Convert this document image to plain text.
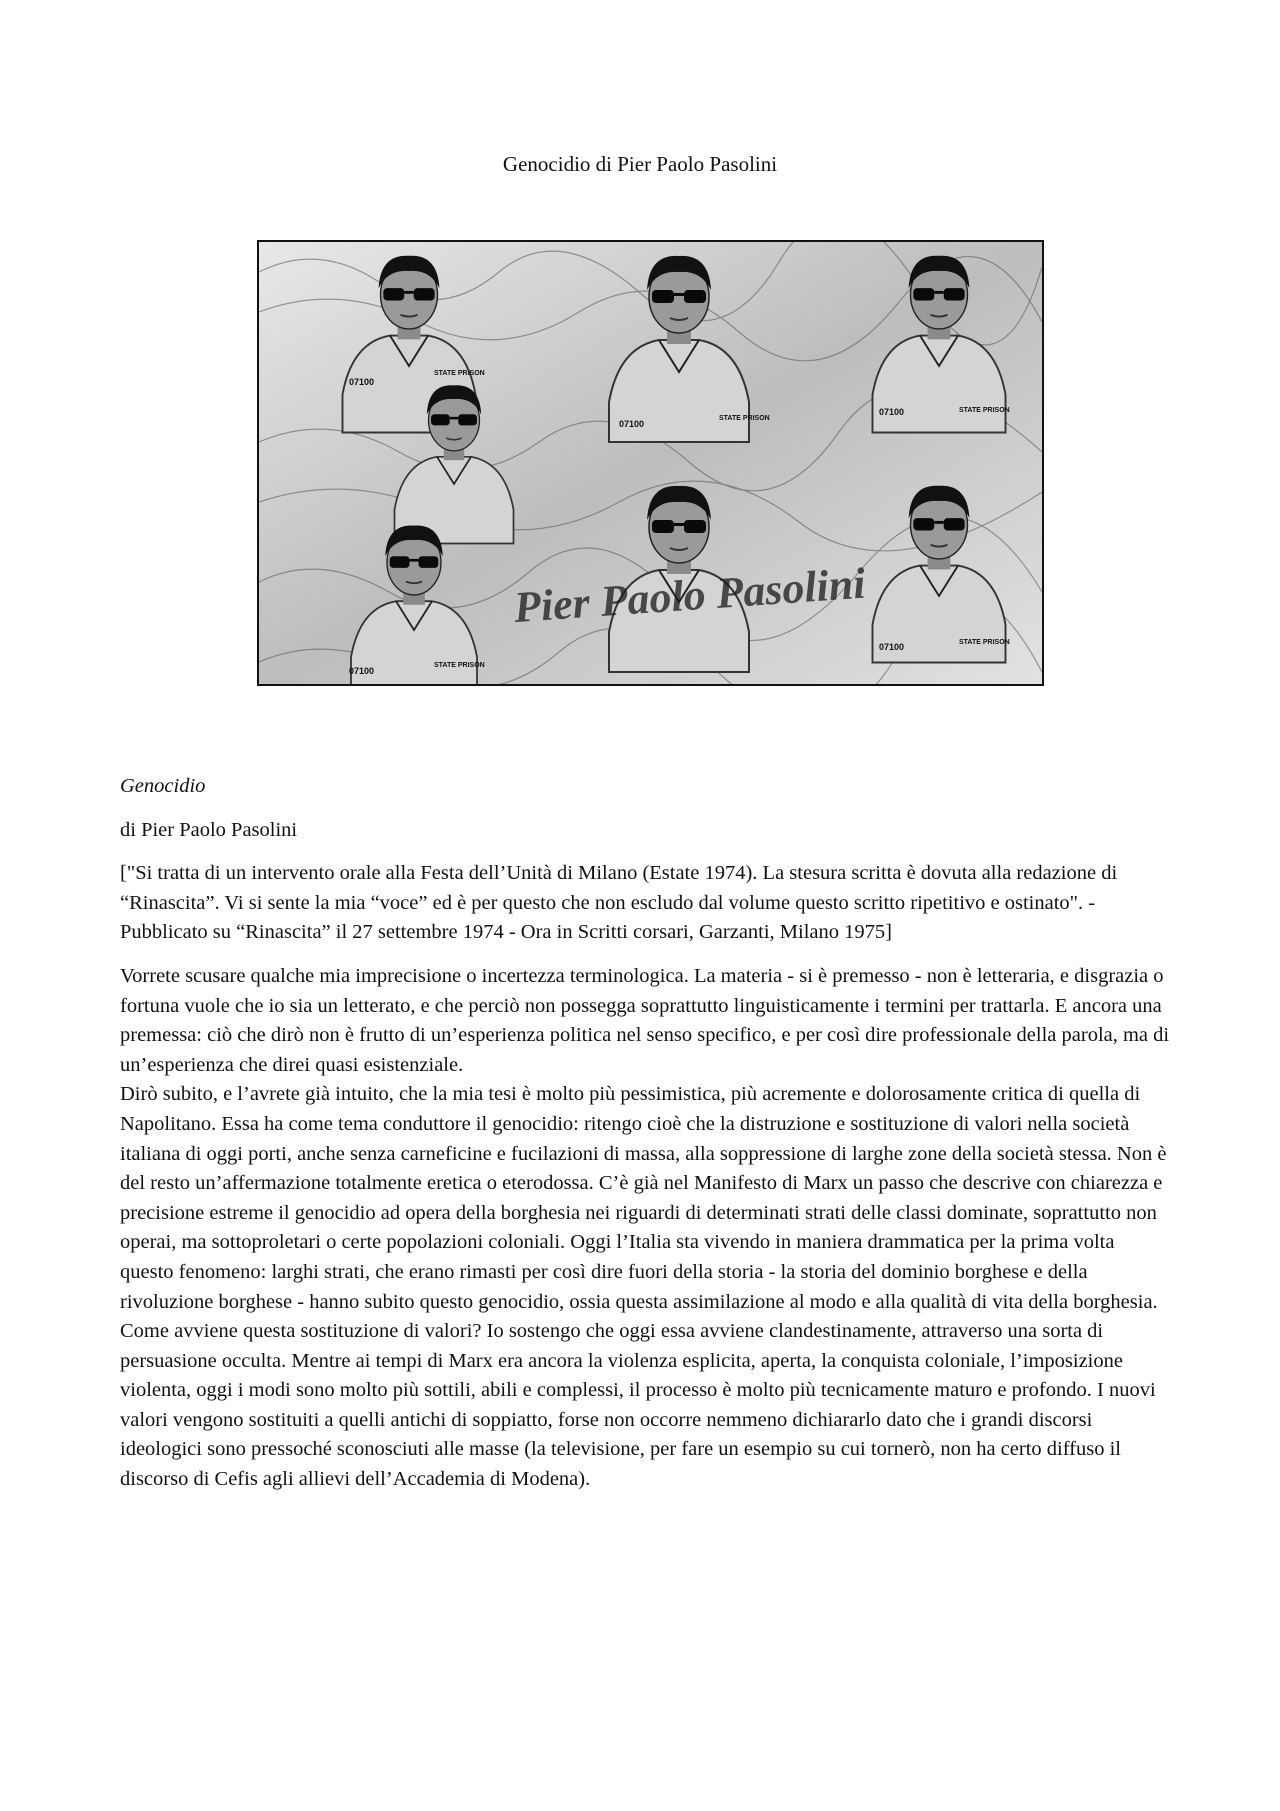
Genocidio di Pier Paolo Pasolini
07100
07100
07100
07100
07100
STATE PRISON
STATE PRISON
STATE PRISON
STATE PRISON
STATE PRISON
Pier Paolo Pasolini

Genocidio

di Pier Paolo Pasolini

["Si tratta di un intervento orale alla Festa dell’Unità di Milano (Estate 1974). La stesura scritta è dovuta alla redazione di “Rinascita”. Vi si sente la mia “voce” ed è per questo che non escludo dal volume questo scritto ripetitivo e ostinato". - Pubblicato su “Rinascita” il 27 settembre 1974 - Ora in Scritti corsari, Garzanti, Milano 1975]

Vorrete scusare qualche mia imprecisione o incertezza terminologica. La materia - si è premesso - non è letteraria, e disgrazia o fortuna vuole che io sia un letterato, e che perciò non possegga soprattutto linguisticamente i termini per trattarla. E ancora una premessa: ciò che dirò non è frutto di un’esperienza politica nel senso specifico, e per così dire professionale della parola, ma di un’esperienza che direi quasi esistenziale.

Dirò subito, e l’avrete già intuito, che la mia tesi è molto più pessimistica, più acremente e dolorosamente critica di quella di Napolitano. Essa ha come tema conduttore il genocidio: ritengo cioè che la distruzione e sostituzione di valori nella società italiana di oggi porti, anche senza carneficine e fucilazioni di massa, alla soppressione di larghe zone della società stessa. Non è del resto un’affermazione totalmente eretica o eterodossa. C’è già nel Manifesto di Marx un passo che descrive con chiarezza e precisione estreme il genocidio ad opera della borghesia nei riguardi di determinati strati delle classi dominate, soprattutto non operai, ma sottoproletari o certe popolazioni coloniali. Oggi l’Italia sta vivendo in maniera drammatica per la prima volta questo fenomeno: larghi strati, che erano rimasti per così dire fuori della storia - la storia del dominio borghese e della rivoluzione borghese - hanno subito questo genocidio, ossia questa assimilazione al modo e alla qualità di vita della borghesia.

Come avviene questa sostituzione di valori? Io sostengo che oggi essa avviene clandestinamente, attraverso una sorta di persuasione occulta. Mentre ai tempi di Marx era ancora la violenza esplicita, aperta, la conquista coloniale, l’imposizione violenta, oggi i modi sono molto più sottili, abili e complessi, il processo è molto più tecnicamente maturo e profondo. I nuovi valori vengono sostituiti a quelli antichi di soppiatto, forse non occorre nemmeno dichiararlo dato che i grandi discorsi ideologici sono pressoché sconosciuti alle masse (la televisione, per fare un esempio su cui tornerò, non ha certo diffuso il discorso di Cefis agli allievi dell’Accademia di Modena).
